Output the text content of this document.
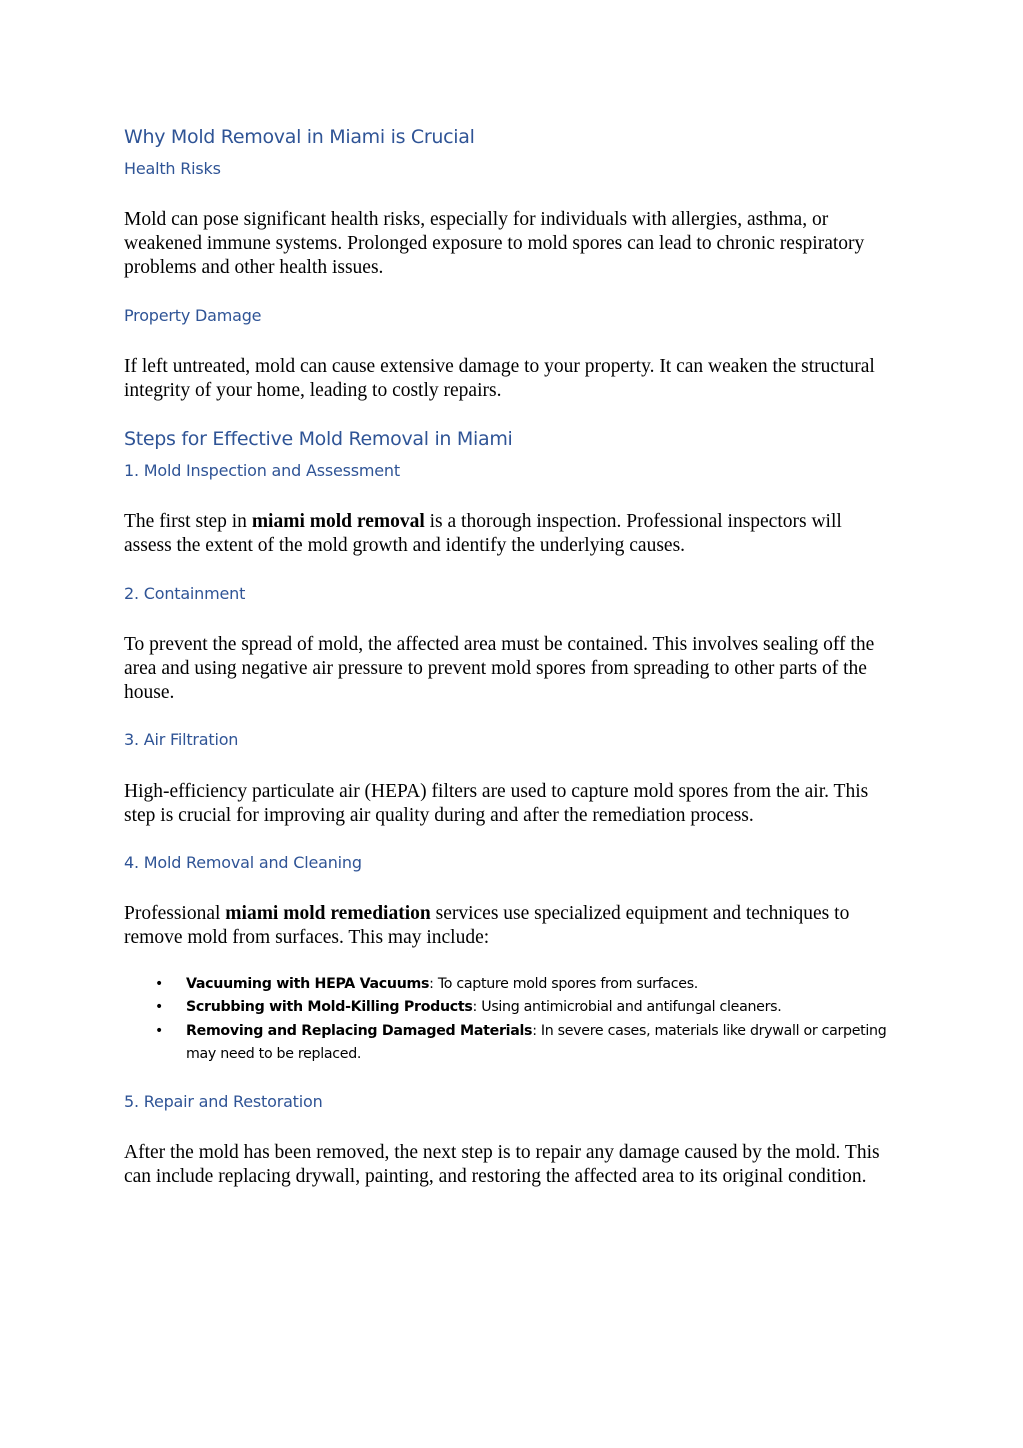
Why Mold Removal in Miami is Crucial
Health Risks

Mold can pose significant health risks, especially for individuals with allergies, asthma, or weakened immune systems. Prolonged exposure to mold spores can lead to chronic respiratory problems and other health issues.

Property Damage

If left untreated, mold can cause extensive damage to your property. It can weaken the structural integrity of your home, leading to costly repairs.

Steps for Effective Mold Removal in Miami
1. Mold Inspection and Assessment

The first step in miami mold removal is a thorough inspection. Professional inspectors will assess the extent of the mold growth and identify the underlying causes.

2. Containment

To prevent the spread of mold, the affected area must be contained. This involves sealing off the area and using negative air pressure to prevent mold spores from spreading to other parts of the house.

3. Air Filtration

High-efficiency particulate air (HEPA) filters are used to capture mold spores from the air. This step is crucial for improving air quality during and after the remediation process.

4. Mold Removal and Cleaning

Professional miami mold remediation services use specialized equipment and techniques to remove mold from surfaces. This may include:

• Vacuuming with HEPA Vacuums: To capture mold spores from surfaces.
• Scrubbing with Mold-Killing Products: Using antimicrobial and antifungal cleaners.
• Removing and Replacing Damaged Materials: In severe cases, materials like drywall or carpeting may need to be replaced.
5. Repair and Restoration

After the mold has been removed, the next step is to repair any damage caused by the mold. This can include replacing drywall, painting, and restoring the affected area to its original condition.
